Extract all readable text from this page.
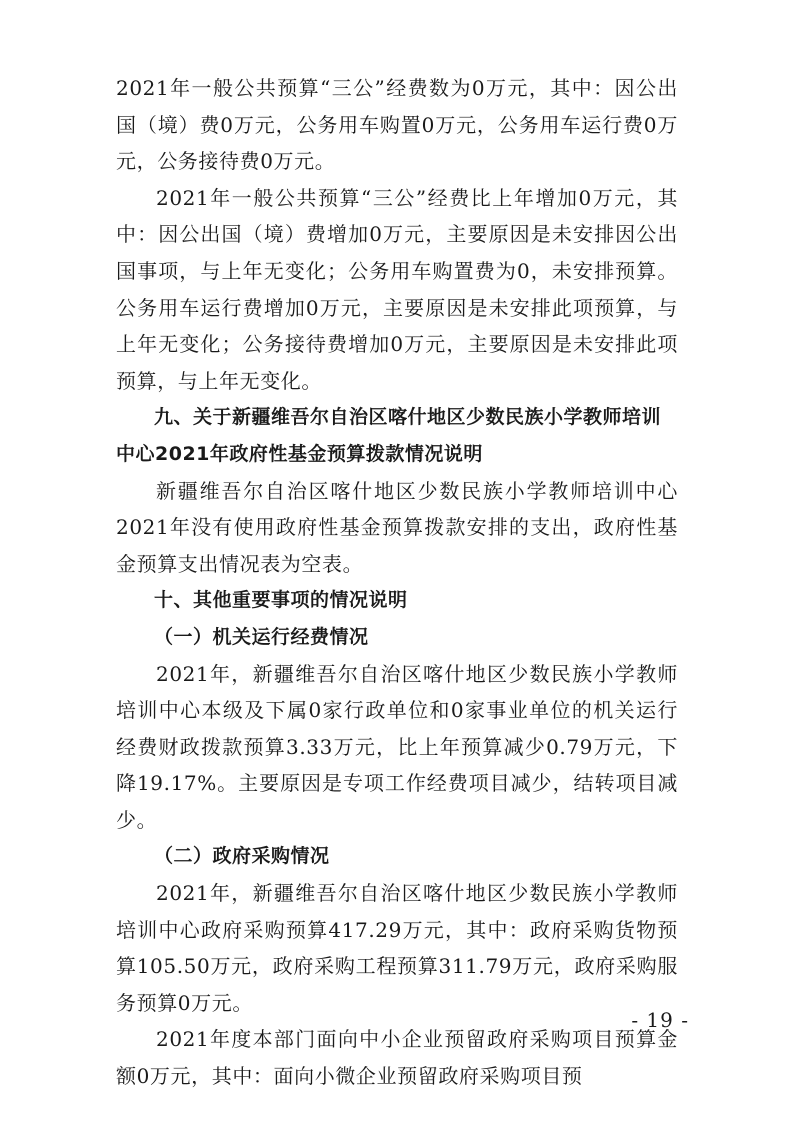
2021年一般公共预算“三公”经费数为0万元，其中：因公出国（境）费0万元，公务用车购置0万元，公务用车运行费0万元，公务接待费0万元。

2021年一般公共预算“三公”经费比上年增加0万元，其中：因公出国（境）费增加0万元，主要原因是未安排因公出国事项，与上年无变化；公务用车购置费为0，未安排预算。公务用车运行费增加0万元，主要原因是未安排此项预算，与上年无变化；公务接待费增加0万元，主要原因是未安排此项预算，与上年无变化。

九、关于新疆维吾尔自治区喀什地区少数民族小学教师培训中心2021年政府性基金预算拨款情况说明

新疆维吾尔自治区喀什地区少数民族小学教师培训中心2021年没有使用政府性基金预算拨款安排的支出，政府性基金预算支出情况表为空表。

十、其他重要事项的情况说明

（一）机关运行经费情况

2021年，新疆维吾尔自治区喀什地区少数民族小学教师培训中心本级及下属0家行政单位和0家事业单位的机关运行经费财政拨款预算3.33万元，比上年预算减少0.79万元，下降19.17%。主要原因是专项工作经费项目减少，结转项目减少。

（二）政府采购情况

2021年，新疆维吾尔自治区喀什地区少数民族小学教师培训中心政府采购预算417.29万元，其中：政府采购货物预算105.50万元，政府采购工程预算311.79万元，政府采购服务预算0万元。

2021年度本部门面向中小企业预留政府采购项目预算金额0万元，其中：面向小微企业预留政府采购项目预

- 19 -
